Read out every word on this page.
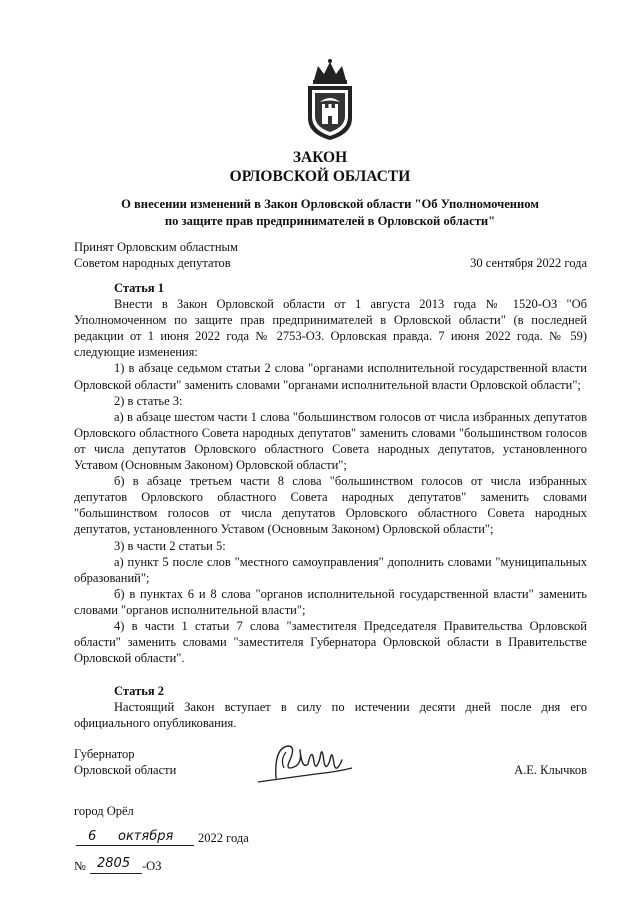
ЗАКОН
ОРЛОВСКОЙ ОБЛАСТИ
О внесении изменений в Закон Орловской области "Об Уполномоченном
по защите прав предпринимателей в Орловской области"
Принят Орловским областным
Советом народных депутатов	30 сентября 2022 года
Статья 1

Внести в Закон Орловской области от 1 августа 2013 года № 1520-ОЗ "Об Уполномоченном по защите прав предпринимателей в Орловской области" (в последней редакции от 1 июня 2022 года № 2753-ОЗ. Орловская правда. 7 июня 2022 года. № 59) следующие изменения:

1) в абзаце седьмом статьи 2 слова "органами исполнительной государственной власти Орловской области" заменить словами "органами исполнительной власти Орловской области";

2) в статье 3:

а) в абзаце шестом части 1 слова "большинством голосов от числа избранных депутатов Орловского областного Совета народных депутатов" заменить словами "большинством голосов от числа депутатов Орловского областного Совета народных депутатов, установленного Уставом (Основным Законом) Орловской области";

б) в абзаце третьем части 8 слова "большинством голосов от числа избранных депутатов Орловского областного Совета народных депутатов" заменить словами "большинством голосов от числа депутатов Орловского областного Совета народных депутатов, установленного Уставом (Основным Законом) Орловской области";

3) в части 2 статьи 5:

а) пункт 5 после слов "местного самоуправления" дополнить словами "муниципальных образований";

б) в пунктах 6 и 8 слова "органов исполнительной государственной власти" заменить словами "органов исполнительной власти";

4) в части 1 статьи 7 слова "заместителя Председателя Правительства Орловской области" заменить словами "заместителя Губернатора Орловской области в Правительстве Орловской области".

Статья 2

Настоящий Закон вступает в силу по истечении десяти дней после дня его официального опубликования.

Губернатор
Орловской области	А.Е. Клычков
город Орёл
6 октября 2022 года
№ 2805 -ОЗ
